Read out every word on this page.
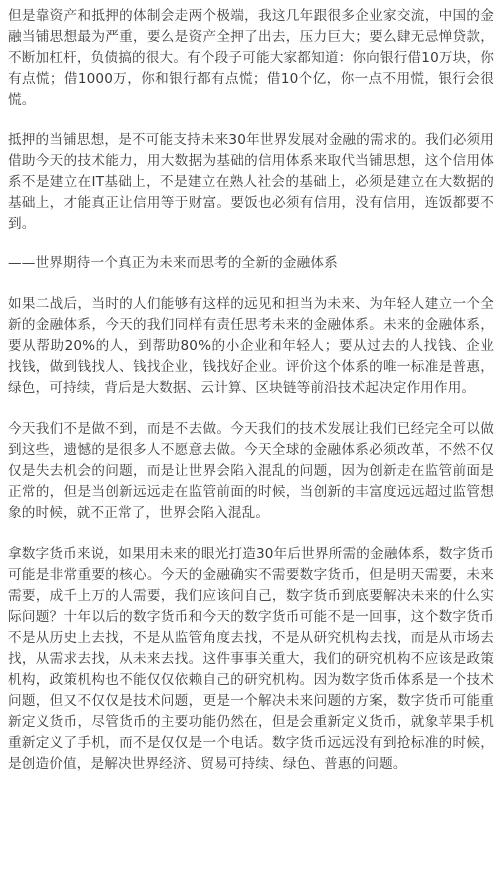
但是靠资产和抵押的体制会走两个极端，我这几年跟很多企业家交流，中国的金融当铺思想最为严重，要么是资产全押了出去，压力巨大；要么肆无忌惮贷款，不断加杠杆，负债搞的很大。有个段子可能大家都知道：你向银行借10万块，你有点慌；借1000万，你和银行都有点慌；借10个亿，你一点不用慌，银行会很慌。

抵押的当铺思想，是不可能支持未来30年世界发展对金融的需求的。我们必须用借助今天的技术能力，用大数据为基础的信用体系来取代当铺思想，这个信用体系不是建立在IT基础上，不是建立在熟人社会的基础上，必须是建立在大数据的基础上，才能真正让信用等于财富。要饭也必须有信用，没有信用，连饭都要不到。

——世界期待一个真正为未来而思考的全新的金融体系

如果二战后，当时的人们能够有这样的远见和担当为未来、为年轻人建立一个全新的金融体系，今天的我们同样有责任思考未来的金融体系。未来的金融体系，要从帮助20%的人，到帮助80%的小企业和年轻人；要从过去的人找钱、企业找钱，做到钱找人、钱找企业，钱找好企业。评价这个体系的唯一标准是普惠，绿色，可持续，背后是大数据、云计算、区块链等前沿技术起决定作用作用。

今天我们不是做不到，而是不去做。今天我们的技术发展让我们已经完全可以做到这些，遗憾的是很多人不愿意去做。今天全球的金融体系必须改革，不然不仅仅是失去机会的问题，而是让世界会陷入混乱的问题，因为创新走在监管前面是正常的，但是当创新远远走在监管前面的时候，当创新的丰富度远远超过监管想象的时候，就不正常了，世界会陷入混乱。

拿数字货币来说，如果用未来的眼光打造30年后世界所需的金融体系，数字货币可能是非常重要的核心。今天的金融确实不需要数字货币，但是明天需要，未来需要，成千上万的人需要，我们应该问自己，数字货币到底要解决未来的什么实际问题？十年以后的数字货币和今天的数字货币可能不是一回事，这个数字货币不是从历史上去找，不是从监管角度去找，不是从研究机构去找，而是从市场去找，从需求去找，从未来去找。这件事事关重大，我们的研究机构不应该是政策机构，政策机构也不能仅仅依赖自己的研究机构。因为数字货币体系是一个技术问题，但又不仅仅是技术问题，更是一个解决未来问题的方案，数字货币可能重新定义货币，尽管货币的主要功能仍然在，但是会重新定义货币，就象苹果手机重新定义了手机，而不是仅仅是一个电话。数字货币远远没有到抢标准的时候，是创造价值，是解决世界经济、贸易可持续、绿色、普惠的问题。
